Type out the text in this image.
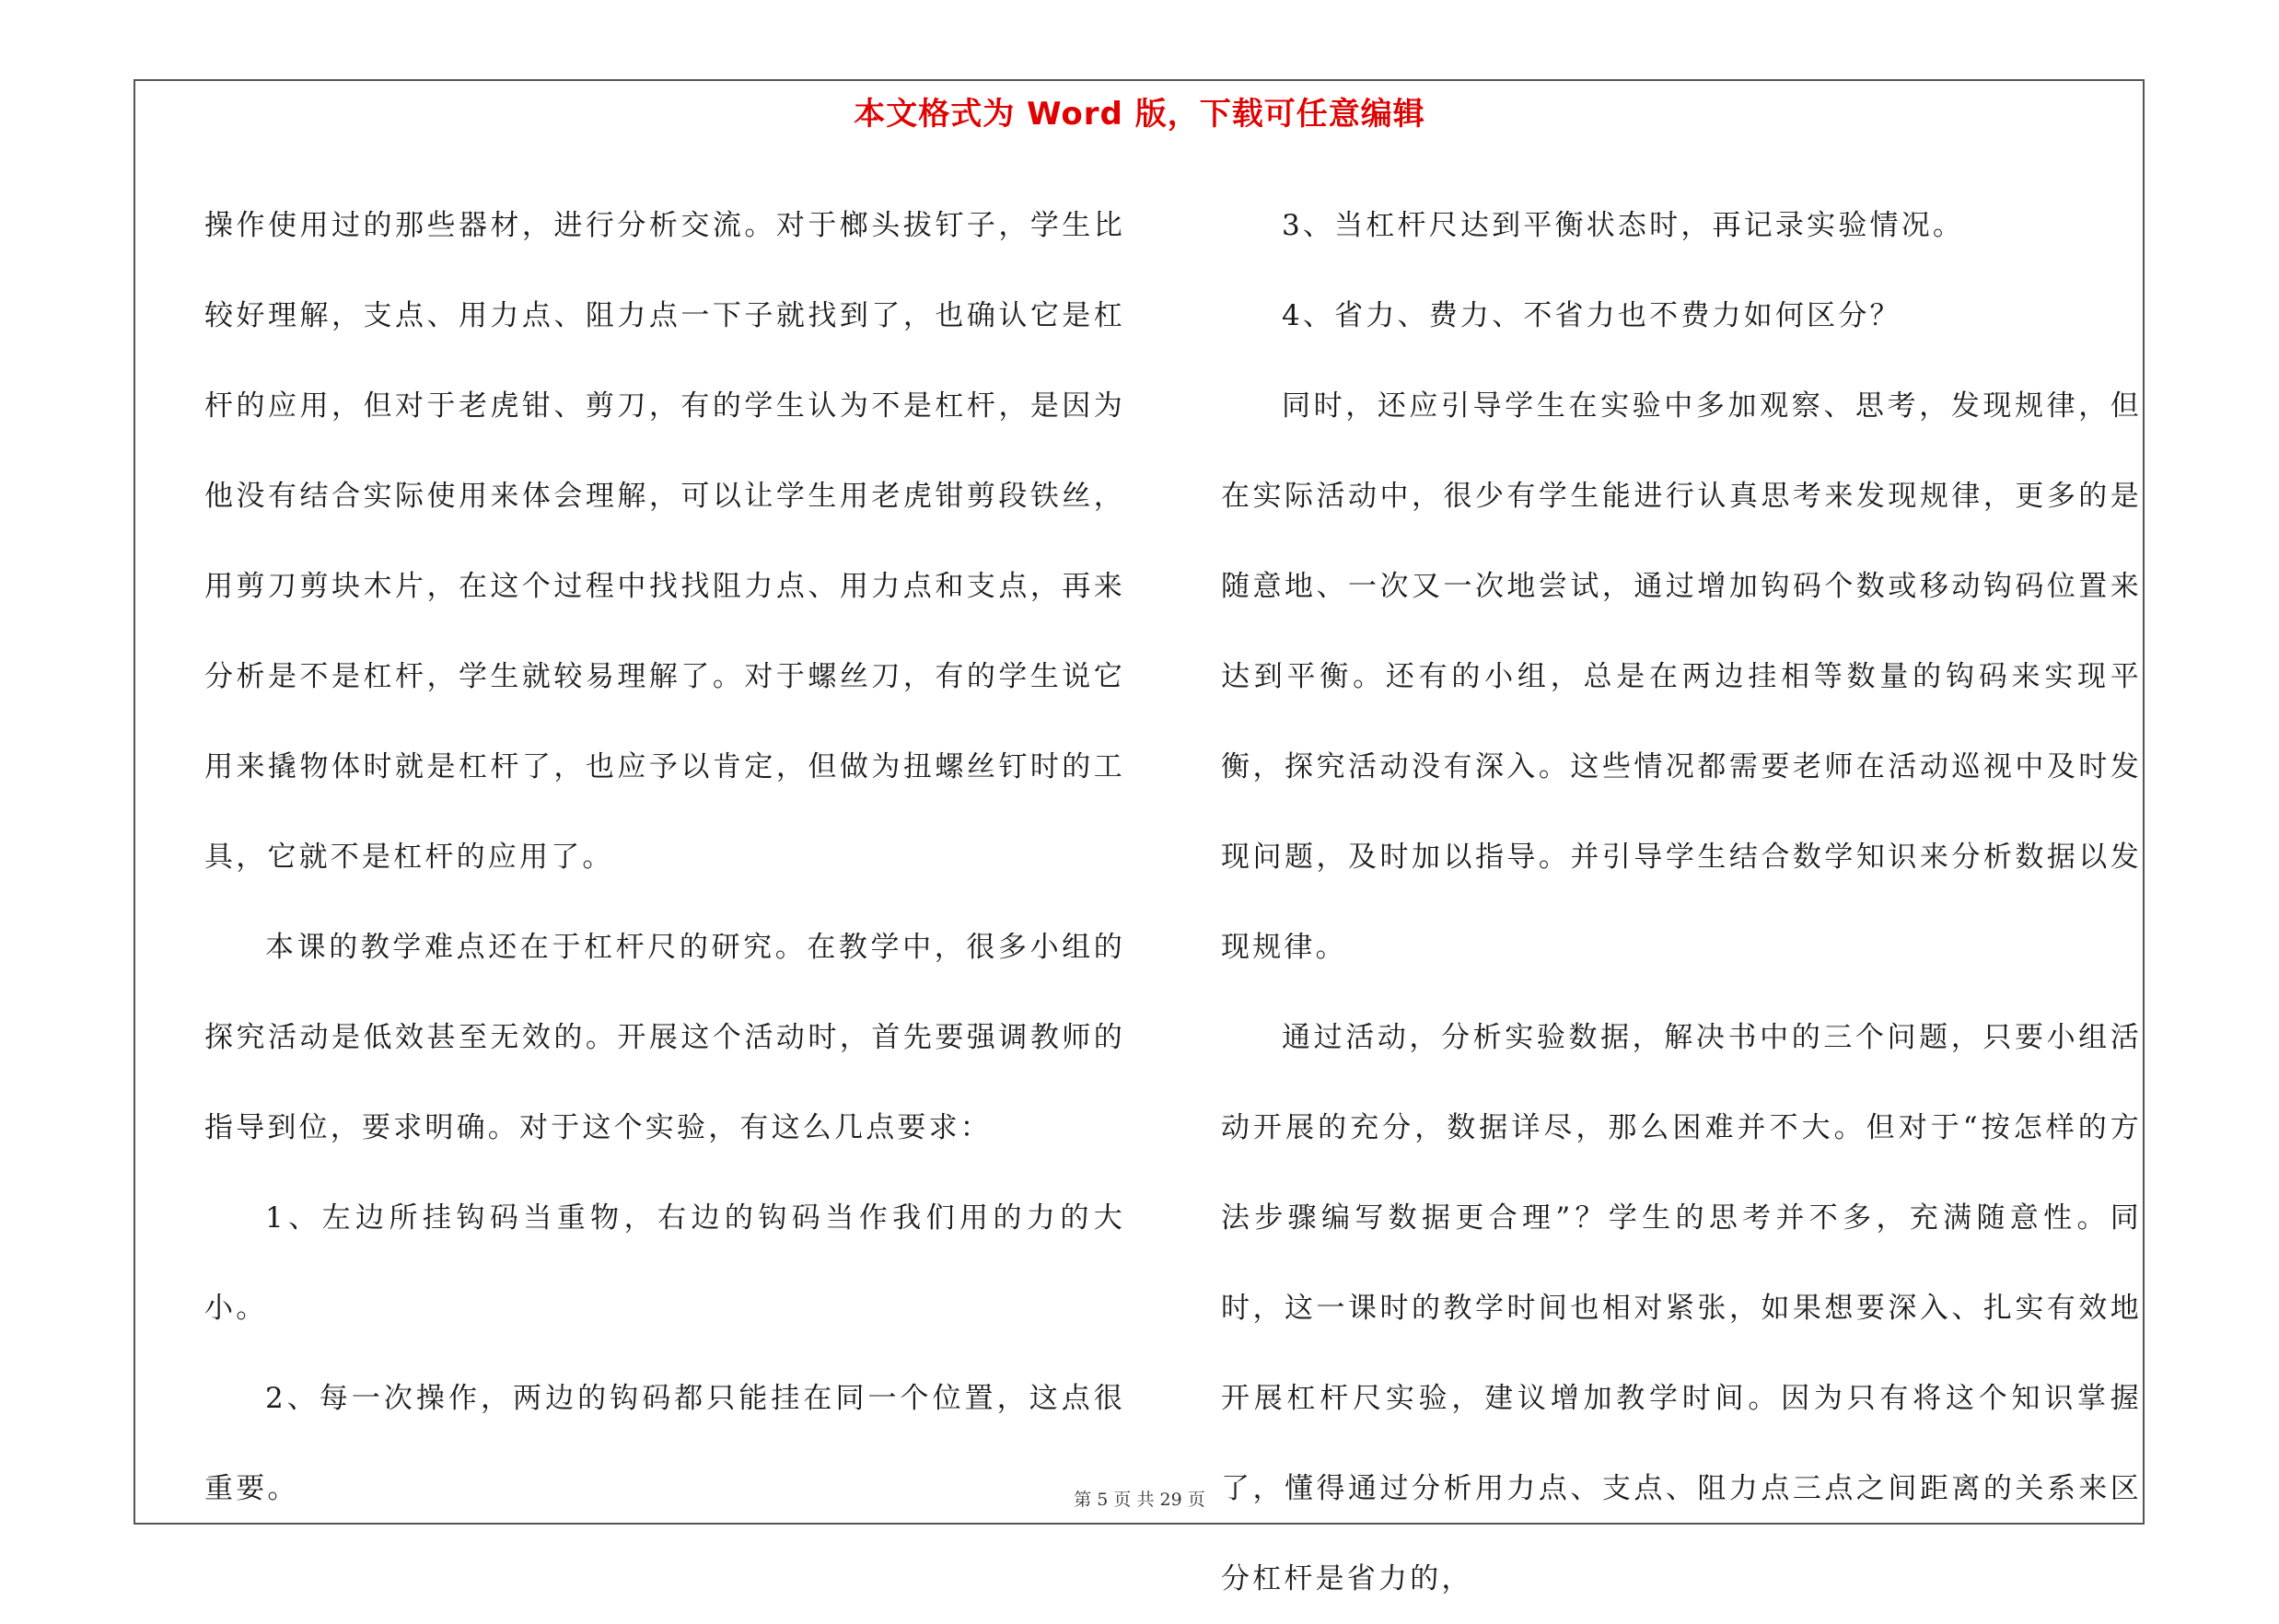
本文格式为 Word 版，下载可任意编辑

操作使用过的那些器材，进行分析交流。对于榔头拔钉子，学生比较好理解，支点、用力点、阻力点一下子就找到了，也确认它是杠杆的应用，但对于老虎钳、剪刀，有的学生认为不是杠杆，是因为他没有结合实际使用来体会理解，可以让学生用老虎钳剪段铁丝，用剪刀剪块木片，在这个过程中找找阻力点、用力点和支点，再来分析是不是杠杆，学生就较易理解了。对于螺丝刀，有的学生说它用来撬物体时就是杠杆了，也应予以肯定，但做为扭螺丝钉时的工具，它就不是杠杆的应用了。

本课的教学难点还在于杠杆尺的研究。在教学中，很多小组的探究活动是低效甚至无效的。开展这个活动时，首先要强调教师的指导到位，要求明确。对于这个实验，有这么几点要求：

1、左边所挂钩码当重物，右边的钩码当作我们用的力的大小。

2、每一次操作，两边的钩码都只能挂在同一个位置，这点很重要。

3、当杠杆尺达到平衡状态时，再记录实验情况。

4、省力、费力、不省力也不费力如何区分？

同时，还应引导学生在实验中多加观察、思考，发现规律，但在实际活动中，很少有学生能进行认真思考来发现规律，更多的是随意地、一次又一次地尝试，通过增加钩码个数或移动钩码位置来达到平衡。还有的小组，总是在两边挂相等数量的钩码来实现平衡，探究活动没有深入。这些情况都需要老师在活动巡视中及时发现问题，及时加以指导。并引导学生结合数学知识来分析数据以发现规律。

通过活动，分析实验数据，解决书中的三个问题，只要小组活动开展的充分，数据详尽，那么困难并不大。但对于“按怎样的方法步骤编写数据更合理”？学生的思考并不多，充满随意性。同时，这一课时的教学时间也相对紧张，如果想要深入、扎实有效地开展杠杆尺实验，建议增加教学时间。因为只有将这个知识掌握了，懂得通过分析用力点、支点、阻力点三点之间距离的关系来区分杠杆是省力的，

第 5 页 共 29 页
